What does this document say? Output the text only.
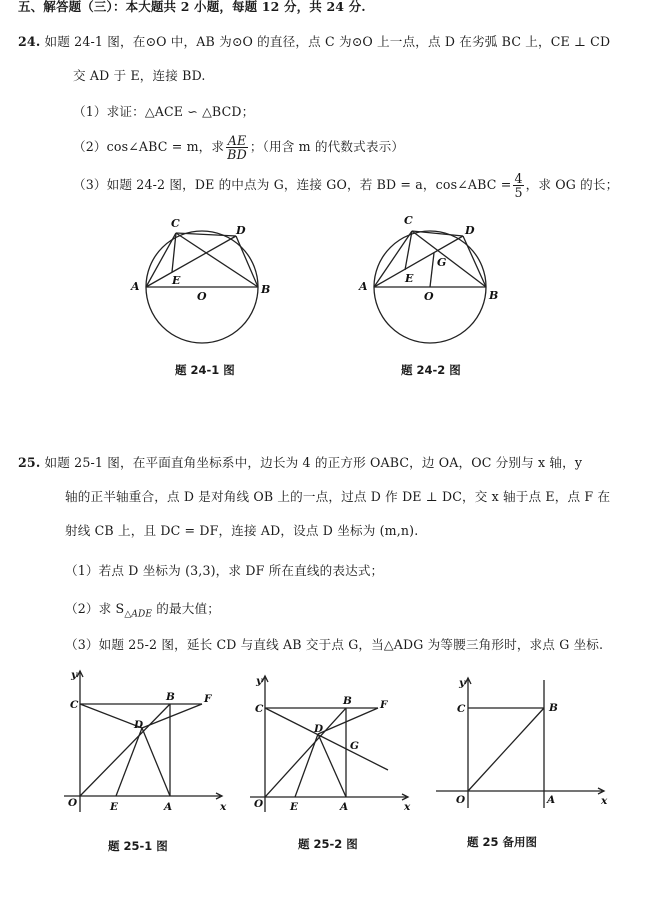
五、解答题（三）：本大题共 2 小题，每题 12 分，共 24 分.
24. 如题 24-1 图，在⊙O 中，AB 为⊙O 的直径，点 C 为⊙O 上一点，点 D 在劣弧 BC 上，CE ⊥ CD
交 AD 于 E，连接 BD.
（1）求证：△ACE ∽ △BCD；
（2）cos∠ABC = m，求 $\frac{AE}{BD}$ ；（用含 m 的代数式表示）
（3）如题 24-2 图，DE 的中点为 G，连接 GO，若 BD = a，cos∠ABC = $\frac{4}{5}$ ，求 OG 的长；
A	B
C
D
E
O
题 24-1 图
A
B
C
D
E
G
O
题 24-2 图
25. 如题 25-1 图，在平面直角坐标系中，边长为 4 的正方形 OABC，边 OA，OC 分别与 x 轴，y
轴的正半轴重合，点 D 是对角线 OB 上的一点，过点 D 作 DE ⊥ DC，交 x 轴于点 E，点 F 在
射线 CB 上，且 DC = DF，连接 AD，设点 D 坐标为 (m,n).
（1）若点 D 坐标为 (3,3)，求 DF 所在直线的表达式；
（2）求 $S_{\triangle ADE}$ 的最大值；
（3）如题 25-2 图，延长 CD 与直线 AB 交于点 G，当△ADG 为等腰三角形时，求点 G 坐标.
O	x
y
C
B	F
D
E	A
题 25-1 图
O	x
y
C
B	F
D
G
E	A
题 25-2 图
O	x
y
C	B
A
题 25 备用图
